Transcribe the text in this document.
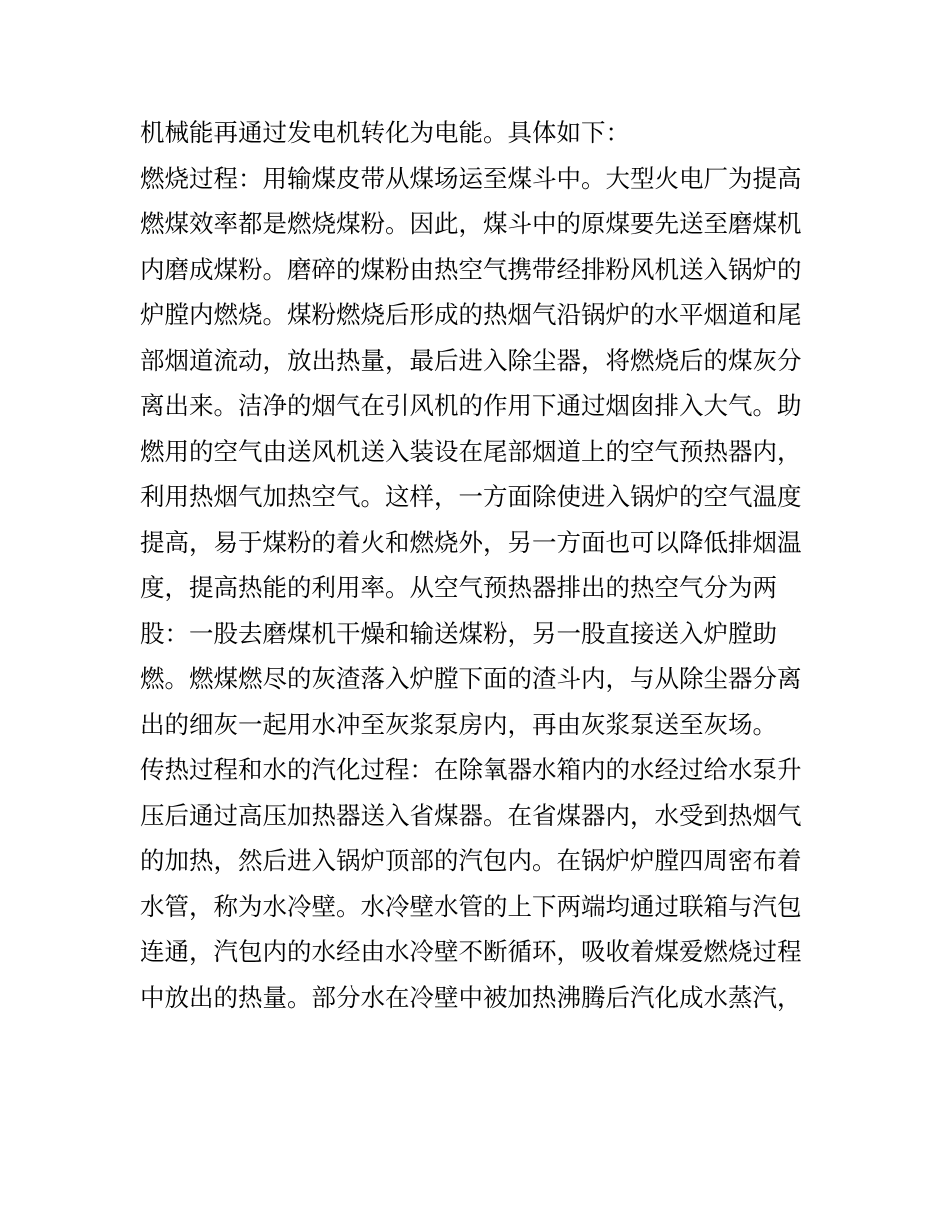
机械能再通过发电机转化为电能。具体如下：
燃烧过程：用输煤皮带从煤场运至煤斗中。大型火电厂为提高
燃煤效率都是燃烧煤粉。因此，煤斗中的原煤要先送至磨煤机
内磨成煤粉。磨碎的煤粉由热空气携带经排粉风机送入锅炉的
炉膛内燃烧。煤粉燃烧后形成的热烟气沿锅炉的水平烟道和尾
部烟道流动，放出热量，最后进入除尘器，将燃烧后的煤灰分
离出来。洁净的烟气在引风机的作用下通过烟囱排入大气。助
燃用的空气由送风机送入装设在尾部烟道上的空气预热器内，
利用热烟气加热空气。这样，一方面除使进入锅炉的空气温度
提高，易于煤粉的着火和燃烧外，另一方面也可以降低排烟温
度，提高热能的利用率。从空气预热器排出的热空气分为两
股：一股去磨煤机干燥和输送煤粉，另一股直接送入炉膛助
燃。燃煤燃尽的灰渣落入炉膛下面的渣斗内，与从除尘器分离
出的细灰一起用水冲至灰浆泵房内，再由灰浆泵送至灰场。
传热过程和水的汽化过程：在除氧器水箱内的水经过给水泵升
压后通过高压加热器送入省煤器。在省煤器内，水受到热烟气
的加热，然后进入锅炉顶部的汽包内。在锅炉炉膛四周密布着
水管，称为水冷壁。水冷壁水管的上下两端均通过联箱与汽包
连通，汽包内的水经由水冷壁不断循环，吸收着煤爱燃烧过程
中放出的热量。部分水在冷壁中被加热沸腾后汽化成水蒸汽，
